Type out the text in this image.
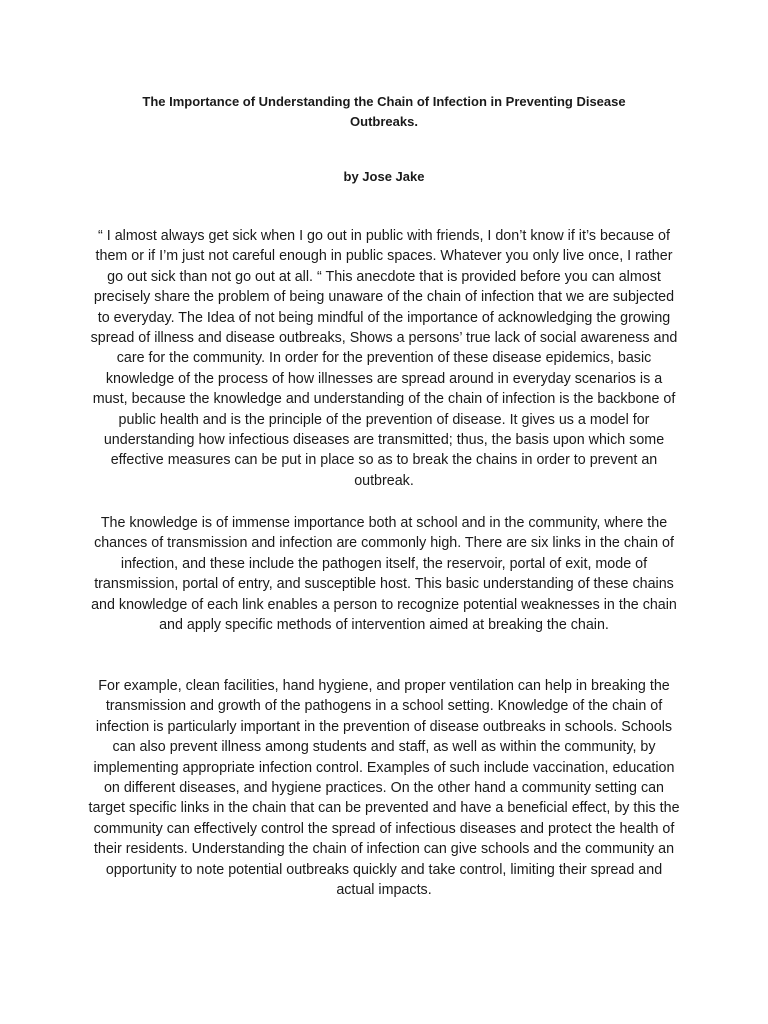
The Importance of Understanding the Chain of Infection in Preventing Disease Outbreaks.

by Jose Jake

“ I almost always get sick when I go out in public with friends, I don’t know if it’s because of them or if I’m just not careful enough in public spaces. Whatever you only live once, I rather go out sick than not go out at all. “ This anecdote that is provided before you can almost precisely share the problem of being unaware of the chain of infection that we are subjected to everyday. The Idea of not being mindful of the importance of acknowledging the growing spread of illness and disease outbreaks, Shows a persons’ true lack of social awareness and care for the community. In order for the prevention of these disease epidemics, basic knowledge of the process of how illnesses are spread around in everyday scenarios is a must, because the knowledge and understanding of the chain of infection is the backbone of public health and is the principle of the prevention of disease. It gives us a model for understanding how infectious diseases are transmitted; thus, the basis upon which some effective measures can be put in place so as to break the chains in order to prevent an outbreak.

The knowledge is of immense importance both at school and in the community, where the chances of transmission and infection are commonly high. There are six links in the chain of infection, and these include the pathogen itself, the reservoir, portal of exit, mode of transmission, portal of entry, and susceptible host. This basic understanding of these chains and knowledge of each link enables a person to recognize potential weaknesses in the chain and apply specific methods of intervention aimed at breaking the chain.

For example, clean facilities, hand hygiene, and proper ventilation can help in breaking the transmission and growth of the pathogens in a school setting. Knowledge of the chain of infection is particularly important in the prevention of disease outbreaks in schools. Schools can also prevent illness among students and staff, as well as within the community, by implementing appropriate infection control. Examples of such include vaccination, education on different diseases, and hygiene practices. On the other hand a community setting can target specific links in the chain that can be prevented and have a beneficial effect, by this the community can effectively control the spread of infectious diseases and protect the health of their residents. Understanding the chain of infection can give schools and the community an opportunity to note potential outbreaks quickly and take control, limiting their spread and actual impacts.
